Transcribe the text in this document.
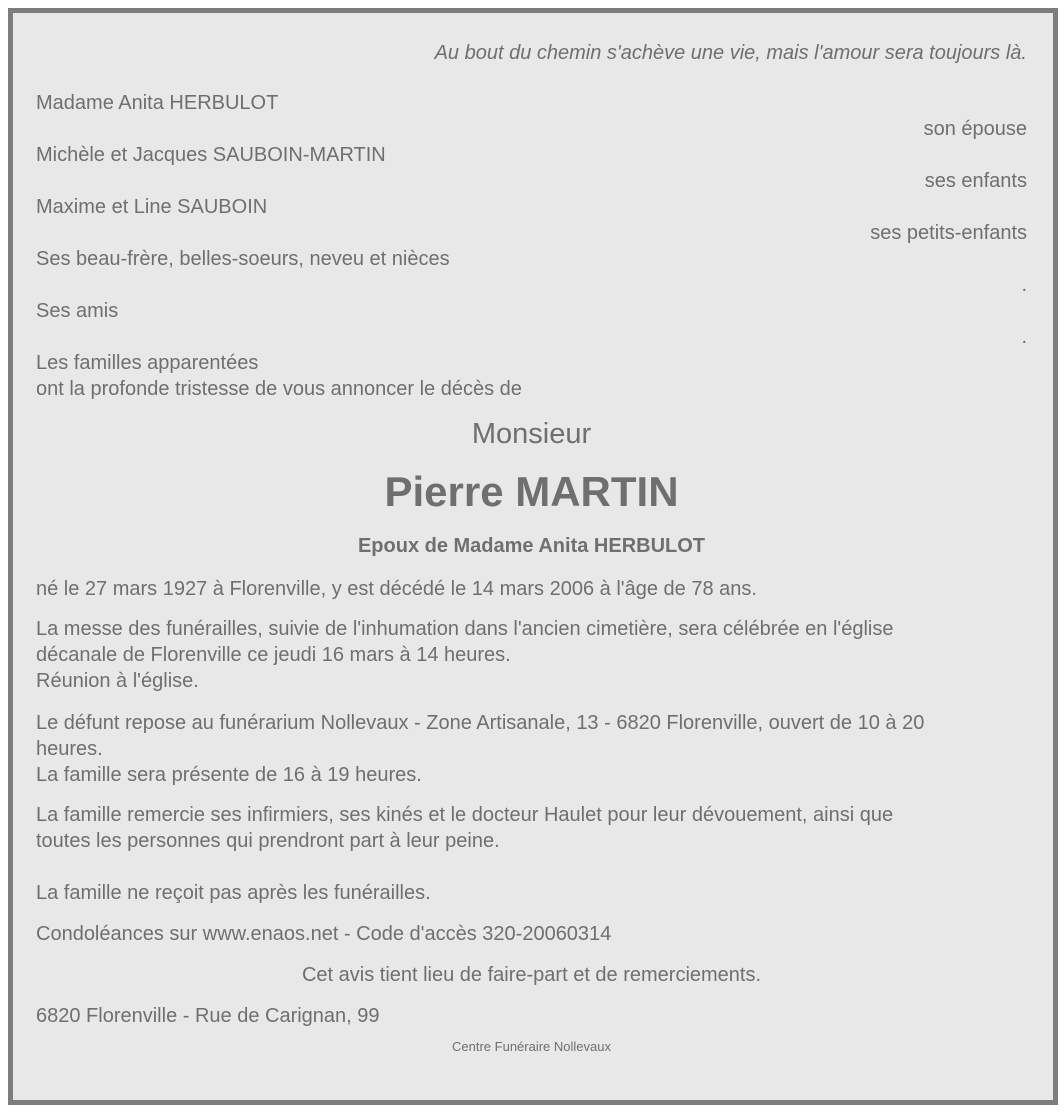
Au bout du chemin s'achève une vie, mais l'amour sera toujours là.
Madame Anita HERBULOT
son épouse
Michèle et Jacques SAUBOIN-MARTIN
ses enfants
Maxime et Line SAUBOIN
ses petits-enfants
Ses beau-frère, belles-soeurs, neveu et nièces
.
Ses amis
.
Les familles apparentées
ont la profonde tristesse de vous annoncer le décès de
Monsieur
Pierre MARTIN
Epoux de Madame Anita HERBULOT
né le 27 mars 1927 à Florenville, y est décédé le 14 mars 2006 à l'âge de 78 ans.
La messe des funérailles, suivie de l'inhumation dans l'ancien cimetière, sera célébrée en l'église
décanale de Florenville ce jeudi 16 mars à 14 heures.
Réunion à l'église.
Le défunt repose au funérarium Nollevaux - Zone Artisanale, 13 - 6820 Florenville, ouvert de 10 à 20
heures.
La famille sera présente de 16 à 19 heures.
La famille remercie ses infirmiers, ses kinés et le docteur Haulet pour leur dévouement, ainsi que
toutes les personnes qui prendront part à leur peine.
La famille ne reçoit pas après les funérailles.
Condoléances sur www.enaos.net - Code d'accès 320-20060314
Cet avis tient lieu de faire-part et de remerciements.
6820 Florenville - Rue de Carignan, 99
Centre Funéraire Nollevaux
